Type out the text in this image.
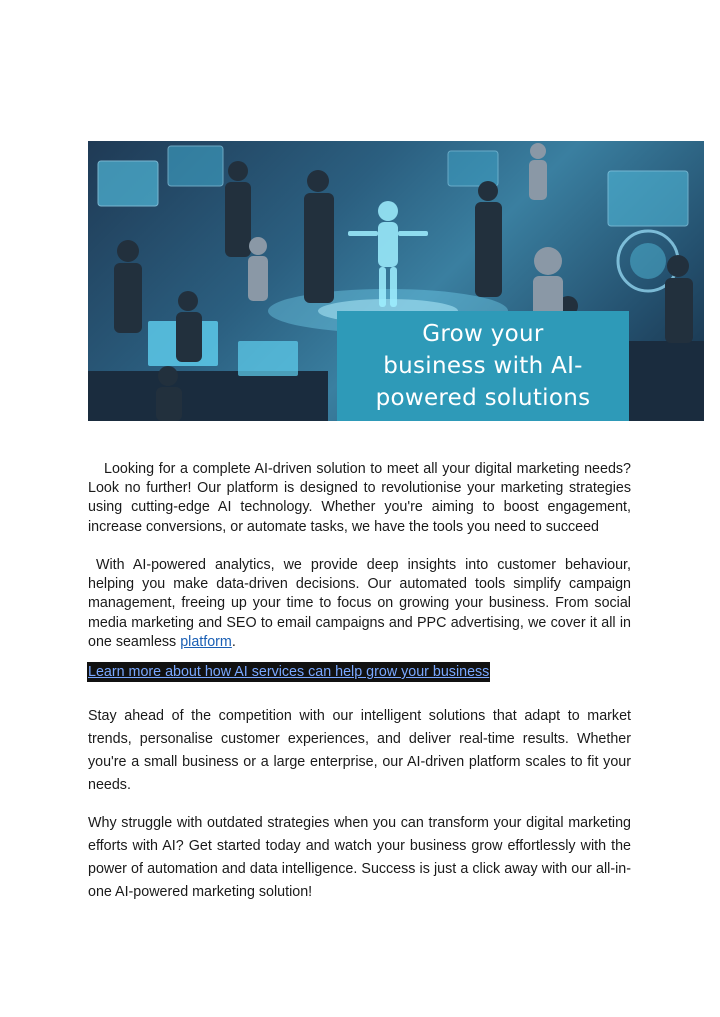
Grow your
business with AI-
powered solutions

Looking for a complete AI-driven solution to meet all your digital marketing needs? Look no further! Our platform is designed to revolutionise your marketing strategies using cutting-edge AI technology. Whether you're aiming to boost engagement, increase conversions, or automate tasks, we have the tools you need to succeed

With AI-powered analytics, we provide deep insights into customer behaviour, helping you make data-driven decisions. Our automated tools simplify campaign management, freeing up your time to focus on growing your business. From social media marketing and SEO to email campaigns and PPC advertising, we cover it all in one seamless platform.

Learn more about how AI services can help grow your business

Stay ahead of the competition with our intelligent solutions that adapt to market trends, personalise customer experiences, and deliver real-time results. Whether you're a small business or a large enterprise, our AI-driven platform scales to fit your needs.

Why struggle with outdated strategies when you can transform your digital marketing efforts with AI? Get started today and watch your business grow effortlessly with the power of automation and data intelligence. Success is just a click away with our all-in-one AI-powered marketing solution!
